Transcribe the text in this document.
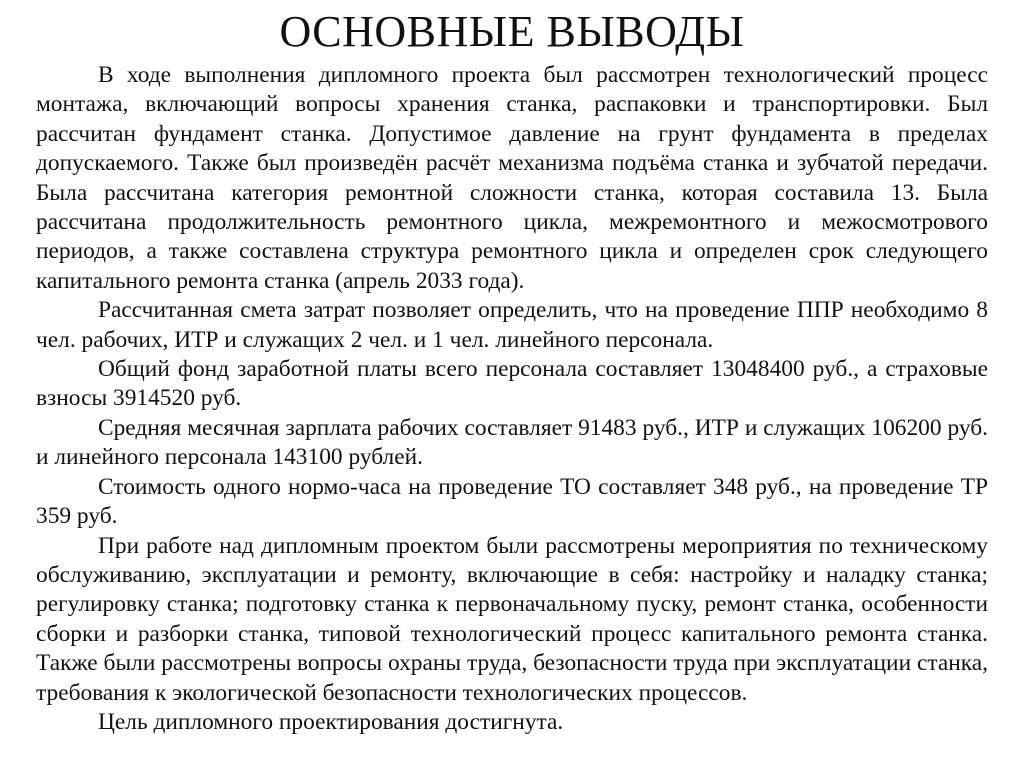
ОСНОВНЫЕ ВЫВОДЫ

В ходе выполнения дипломного проекта был рассмотрен технологический процесс монтажа, включающий вопросы хранения станка, распаковки и транспортировки. Был рассчитан фундамент станка. Допустимое давление на грунт фундамента в пределах допускаемого. Также был произведён расчёт механизма подъёма станка и зубчатой передачи. Была рассчитана категория ремонтной сложности станка, которая составила 13. Была рассчитана продолжительность ремонтного цикла, межремонтного и межосмотрового периодов, а также составлена структура ремонтного цикла и определен срок следующего капитального ремонта станка (апрель 2033 года).

Рассчитанная смета затрат позволяет определить, что на проведение ППР необходимо 8 чел. рабочих, ИТР и служащих 2 чел. и 1 чел. линейного персонала.

Общий фонд заработной платы всего персонала составляет 13048400 руб., а страховые взносы 3914520 руб.

Средняя месячная зарплата рабочих составляет 91483 руб., ИТР и служащих 106200 руб. и линейного персонала 143100 рублей.

Стоимость одного нормо-часа на проведение ТО составляет 348 руб., на проведение ТР 359 руб.

При работе над дипломным проектом были рассмотрены мероприятия по техническому обслуживанию, эксплуатации и ремонту, включающие в себя: настройку и наладку станка; регулировку станка; подготовку станка к первоначальному пуску, ремонт станка, особенности сборки и разборки станка, типовой технологический процесс капитального ремонта станка. Также были рассмотрены вопросы охраны труда, безопасности труда при эксплуатации станка, требования к экологической безопасности технологических процессов.

Цель дипломного проектирования достигнута.
